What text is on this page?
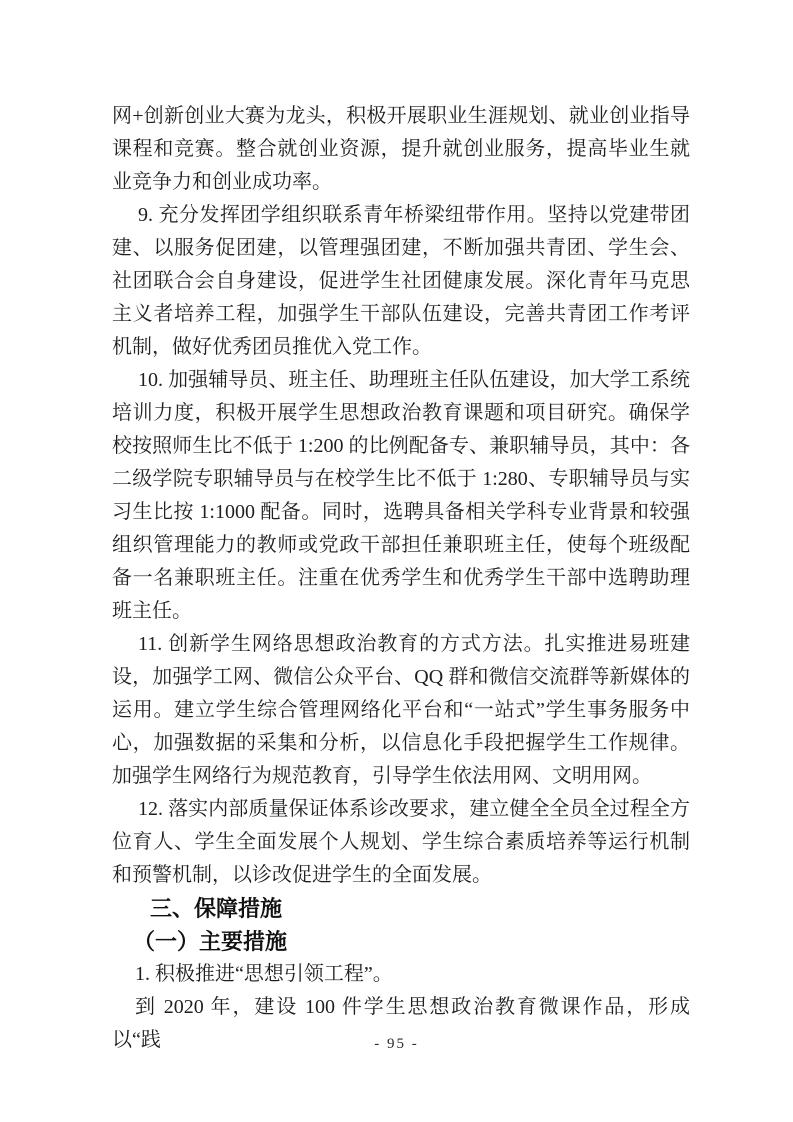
网+创新创业大赛为龙头，积极开展职业生涯规划、就业创业指导课程和竞赛。整合就创业资源，提升就创业服务，提高毕业生就业竞争力和创业成功率。

9. 充分发挥团学组织联系青年桥梁纽带作用。坚持以党建带团建、以服务促团建，以管理强团建，不断加强共青团、学生会、社团联合会自身建设，促进学生社团健康发展。深化青年马克思主义者培养工程，加强学生干部队伍建设，完善共青团工作考评机制，做好优秀团员推优入党工作。

10. 加强辅导员、班主任、助理班主任队伍建设，加大学工系统培训力度，积极开展学生思想政治教育课题和项目研究。确保学校按照师生比不低于 1:200 的比例配备专、兼职辅导员，其中：各二级学院专职辅导员与在校学生比不低于 1:280、专职辅导员与实习生比按 1:1000 配备。同时，选聘具备相关学科专业背景和较强组织管理能力的教师或党政干部担任兼职班主任，使每个班级配备一名兼职班主任。注重在优秀学生和优秀学生干部中选聘助理班主任。

11. 创新学生网络思想政治教育的方式方法。扎实推进易班建设，加强学工网、微信公众平台、QQ 群和微信交流群等新媒体的运用。建立学生综合管理网络化平台和“一站式”学生事务服务中心，加强数据的采集和分析，以信息化手段把握学生工作规律。加强学生网络行为规范教育，引导学生依法用网、文明用网。

12. 落实内部质量保证体系诊改要求，建立健全全员全过程全方位育人、学生全面发展个人规划、学生综合素质培养等运行机制和预警机制，以诊改促进学生的全面发展。

三、保障措施
（一）主要措施

1. 积极推进“思想引领工程”。

到 2020 年，建设 100 件学生思想政治教育微课作品，形成以“践	- 95 -
